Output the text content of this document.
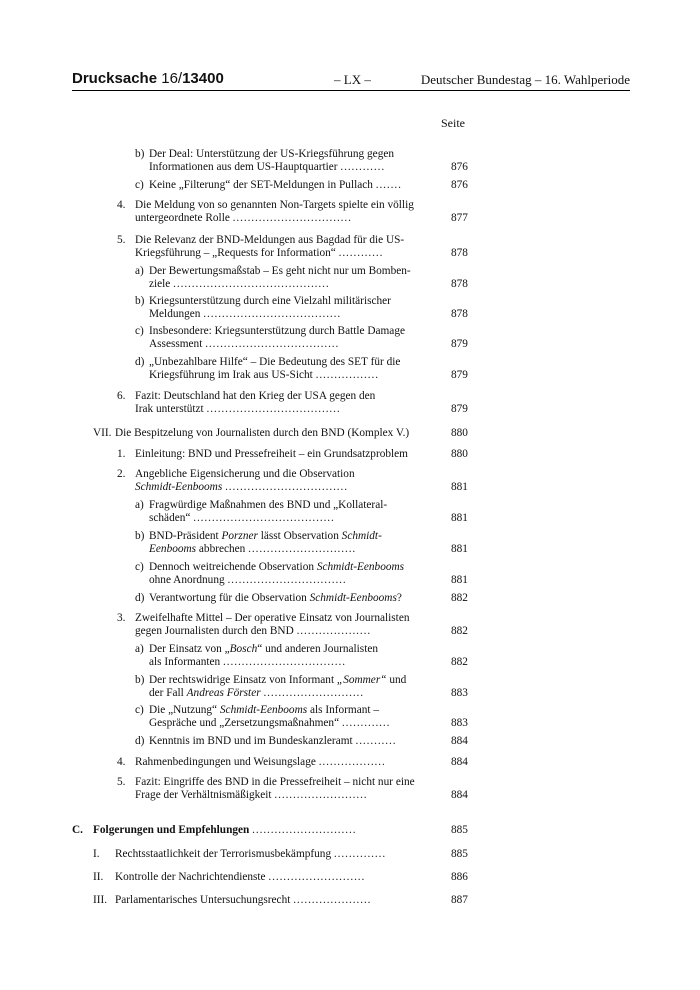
Drucksache 16/13400	– LX –	Deutscher Bundestag – 16. Wahlperiode
Seite
b) Der Deal: Unterstützung der US-Kriegsführung gegen
Informationen aus dem US-Hauptquartier ............	876
c) Keine „Filterung“ der SET-Meldungen in Pullach .......	876
4. Die Meldung von so genannten Non-Targets spielte ein völlig
untergeordnete Rolle ................................	877
5. Die Relevanz der BND-Meldungen aus Bagdad für die US-
Kriegsführung – „Requests for Information“ ............	878
a) Der Bewertungsmaßstab – Es geht nicht nur um Bomben-
ziele ..........................................	878
b) Kriegsunterstützung durch eine Vielzahl militärischer
Meldungen .....................................	878
c) Insbesondere: Kriegsunterstützung durch Battle Damage
Assessment ....................................	879
d) „Unbezahlbare Hilfe“ – Die Bedeutung des SET für die
Kriegsführung im Irak aus US-Sicht .................	879
6. Fazit: Deutschland hat den Krieg der USA gegen den
Irak unterstützt ....................................	879
VII. Die Bespitzelung von Journalisten durch den BND (Komplex V.)	880
1. Einleitung: BND und Pressefreiheit – ein Grundsatzproblem	880
2. Angebliche Eigensicherung und die Observation
Schmidt-Eenbooms .................................	881
a) Fragwürdige Maßnahmen des BND und „Kollateral-
schäden“ ......................................	881
b) BND-Präsident Porzner lässt Observation Schmidt-
Eenbooms abbrechen .............................	881
c) Dennoch weitreichende Observation Schmidt-Eenbooms
ohne Anordnung ................................	881
d) Verantwortung für die Observation Schmidt-Eenbooms?	882
3. Zweifelhafte Mittel – Der operative Einsatz von Journalisten
gegen Journalisten durch den BND ....................	882
a) Der Einsatz von „Bosch“ und anderen Journalisten
als Informanten .................................	882
b) Der rechtswidrige Einsatz von Informant „Sommer“ und
der Fall Andreas Förster ...........................	883
c) Die „Nutzung“ Schmidt-Eenbooms als Informant –
Gespräche und „Zersetzungsmaßnahmen“ .............	883
d) Kenntnis im BND und im Bundeskanzleramt ...........	884
4. Rahmenbedingungen und Weisungslage ..................	884
5. Fazit: Eingriffe des BND in die Pressefreiheit – nicht nur eine
Frage der Verhältnismäßigkeit .........................	884
C. Folgerungen und Empfehlungen ............................	885
I. Rechtsstaatlichkeit der Terrorismusbekämpfung ..............	885
II. Kontrolle der Nachrichtendienste ..........................	886
III. Parlamentarisches Untersuchungsrecht .....................	887
